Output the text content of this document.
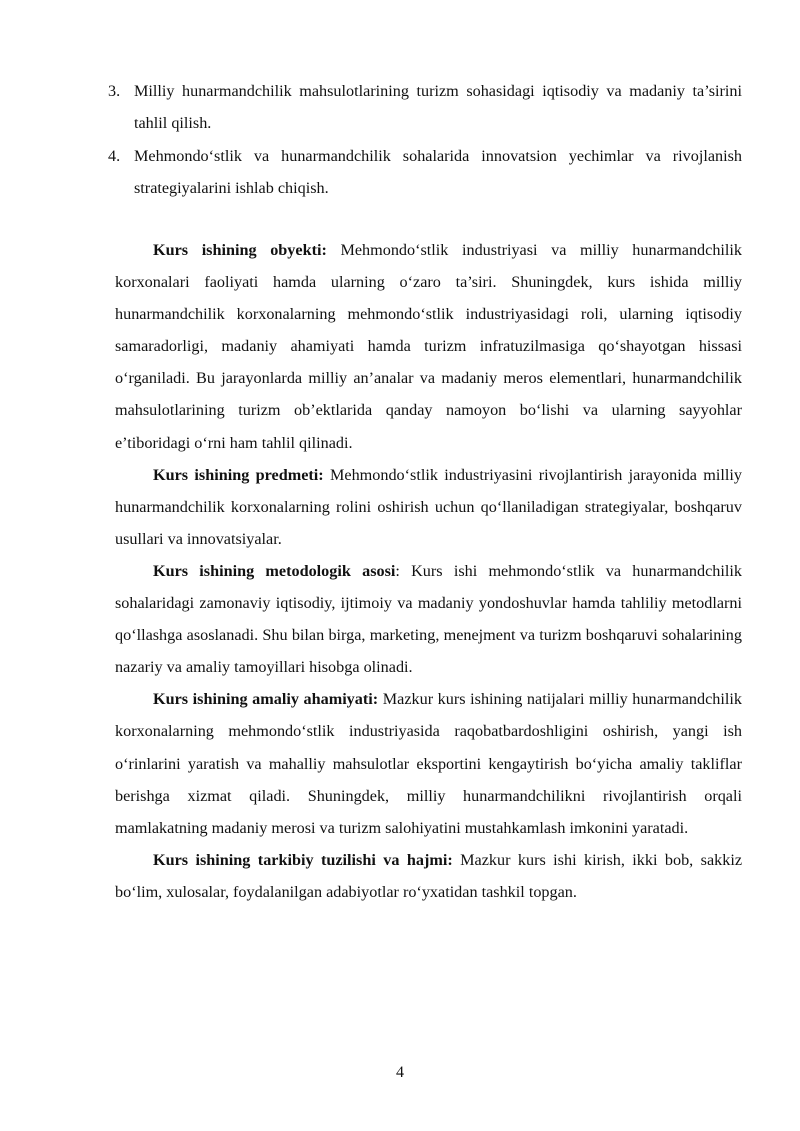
3. Milliy hunarmandchilik mahsulotlarining turizm sohasidagi iqtisodiy va madaniy ta’sirini tahlil qilish.
4. Mehmondo‘stlik va hunarmandchilik sohalarida innovatsion yechimlar va rivojlanish strategiyalarini ishlab chiqish.

Kurs ishining obyekti: Mehmondo‘stlik industriyasi va milliy hunarmandchilik korxonalari faoliyati hamda ularning o‘zaro ta’siri. Shuningdek, kurs ishida milliy hunarmandchilik korxonalarning mehmondo‘stlik industriyasidagi roli, ularning iqtisodiy samaradorligi, madaniy ahamiyati hamda turizm infratuzilmasiga qo‘shayotgan hissasi o‘rganiladi. Bu jarayonlarda milliy an’analar va madaniy meros elementlari, hunarmandchilik mahsulotlarining turizm ob’ektlarida qanday namoyon bo‘lishi va ularning sayyohlar e’tiboridagi o‘rni ham tahlil qilinadi.

Kurs ishining predmeti: Mehmondo‘stlik industriyasini rivojlantirish jarayonida milliy hunarmandchilik korxonalarning rolini oshirish uchun qo‘llaniladigan strategiyalar, boshqaruv usullari va innovatsiyalar.

Kurs ishining metodologik asosi: Kurs ishi mehmondo‘stlik va hunarmandchilik sohalaridagi zamonaviy iqtisodiy, ijtimoiy va madaniy yondoshuvlar hamda tahliliy metodlarni qo‘llashga asoslanadi. Shu bilan birga, marketing, menejment va turizm boshqaruvi sohalarining nazariy va amaliy tamoyillari hisobga olinadi.

Kurs ishining amaliy ahamiyati: Mazkur kurs ishining natijalari milliy hunarmandchilik korxonalarning mehmondo‘stlik industriyasida raqobatbardoshligini oshirish, yangi ish o‘rinlarini yaratish va mahalliy mahsulotlar eksportini kengaytirish bo‘yicha amaliy takliflar berishga xizmat qiladi. Shuningdek, milliy hunarmandchilikni rivojlantirish orqali mamlakatning madaniy merosi va turizm salohiyatini mustahkamlash imkonini yaratadi.

Kurs ishining tarkibiy tuzilishi va hajmi: Mazkur kurs ishi kirish, ikki bob, sakkiz bo‘lim, xulosalar, foydalanilgan adabiyotlar ro‘yxatidan tashkil topgan.

4
